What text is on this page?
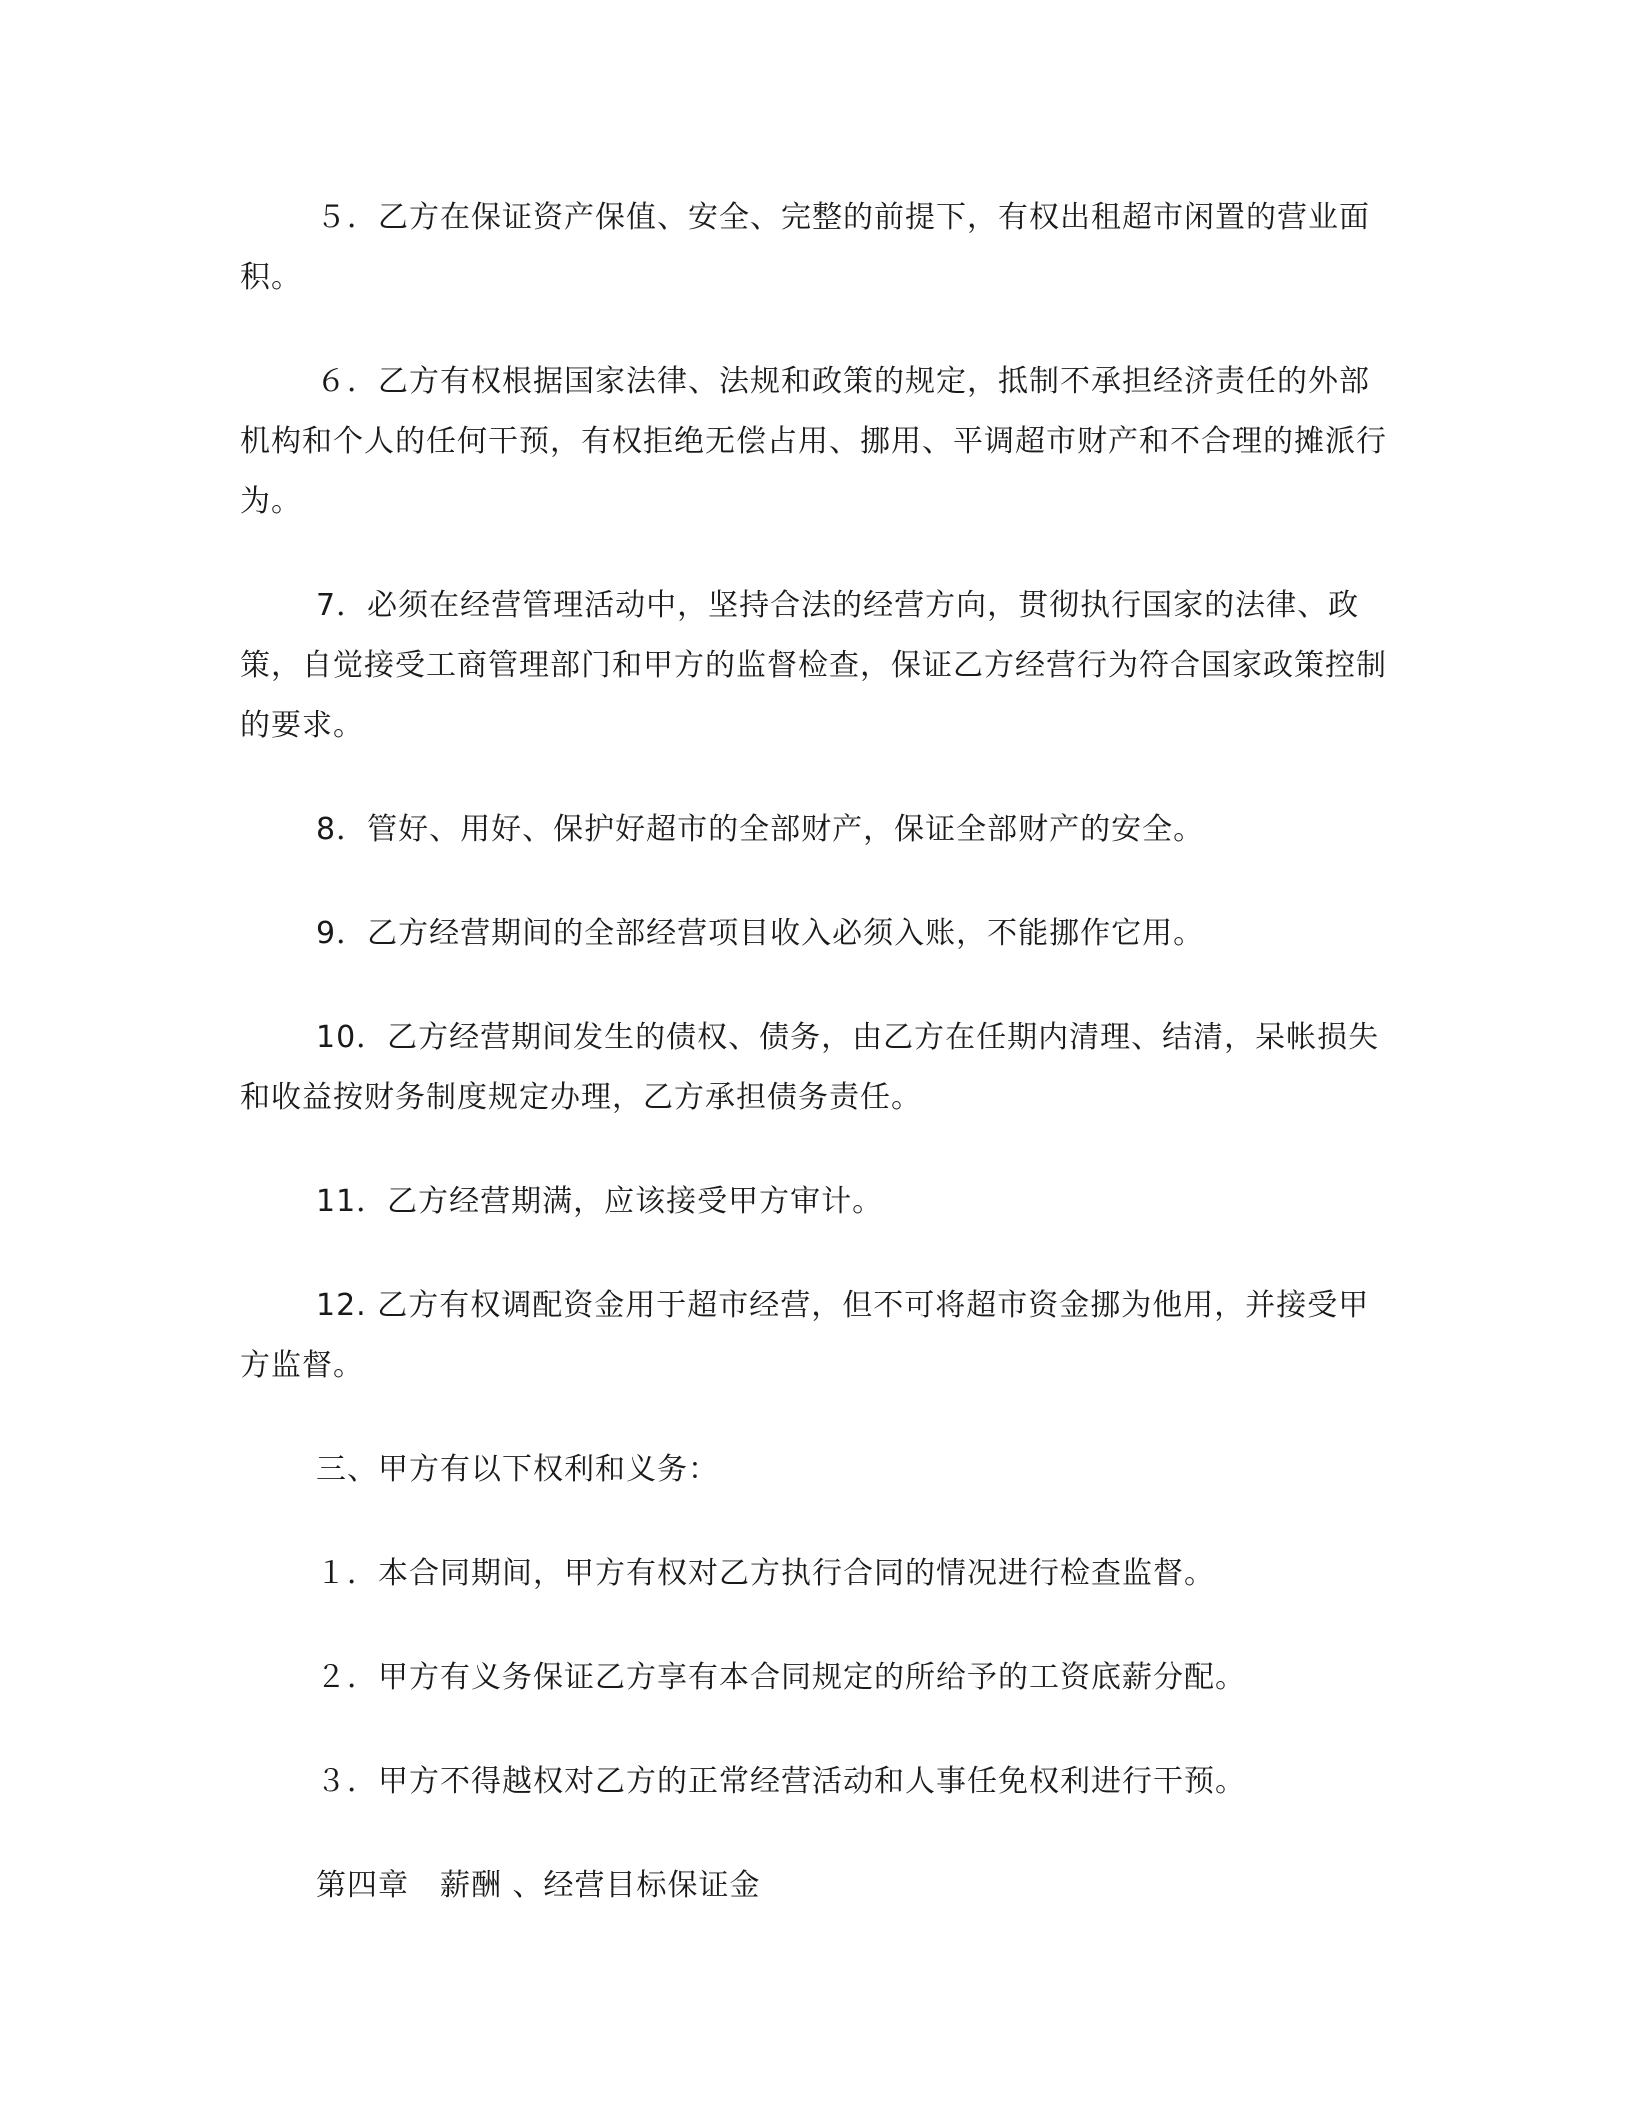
５．乙方在保证资产保值、安全、完整的前提下，有权出租超市闲置的营业面积。

６．乙方有权根据国家法律、法规和政策的规定，抵制不承担经济责任的外部机构和个人的任何干预，有权拒绝无偿占用、挪用、平调超市财产和不合理的摊派行为。

7．必须在经营管理活动中，坚持合法的经营方向，贯彻执行国家的法律、政策，自觉接受工商管理部门和甲方的监督检查，保证乙方经营行为符合国家政策控制的要求。

8．管好、用好、保护好超市的全部财产，保证全部财产的安全。

9．乙方经营期间的全部经营项目收入必须入账，不能挪作它用。

10．乙方经营期间发生的债权、债务，由乙方在任期内清理、结清，呆帐损失和收益按财务制度规定办理，乙方承担债务责任。

11．乙方经营期满，应该接受甲方审计。

12. 乙方有权调配资金用于超市经营，但不可将超市资金挪为他用，并接受甲方监督。

三、甲方有以下权利和义务：

１．本合同期间，甲方有权对乙方执行合同的情况进行检查监督。

２．甲方有义务保证乙方享有本合同规定的所给予的工资底薪分配。

３．甲方不得越权对乙方的正常经营活动和人事任免权利进行干预。

第四章　薪酬 、经营目标保证金
